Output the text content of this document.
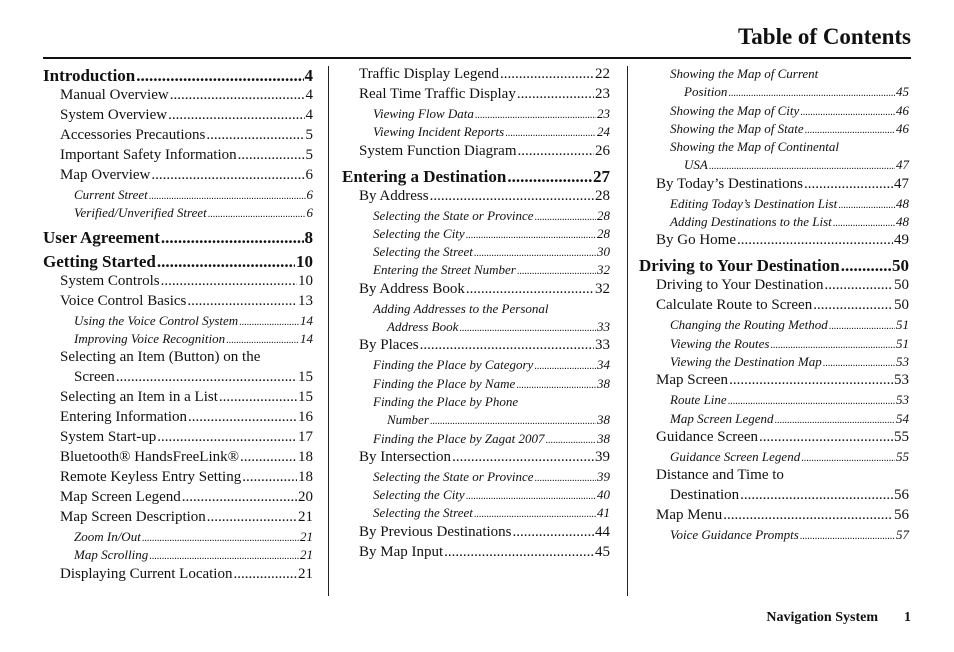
Table of Contents
Introduction .....	4
Manual Overview .....	4
System Overview .....	4
Accessories Precautions .....	5
Important Safety Information .....	5
Map Overview .....	6
Current Street .....	6
Verified/Unverified Street .....	6
User Agreement .....	8
Getting Started .....	10
System Controls .....	10
Voice Control Basics .....	13
Using the Voice Control System .....	14
Improving Voice Recognition .....	14
Selecting an Item (Button) on the
Screen .....	15
Selecting an Item in a List .....	15
Entering Information .....	16
System Start-up .....	17
Bluetooth® HandsFreeLink® .....	18
Remote Keyless Entry Setting .....	18
Map Screen Legend .....	20
Map Screen Description .....	21
Zoom In/Out .....	21
Map Scrolling .....	21
Displaying Current Location .....	21
Traffic Display Legend .....	22
Real Time Traffic Display .....	23
Viewing Flow Data .....	23
Viewing Incident Reports .....	24
System Function Diagram .....	26
Entering a Destination .....	27
By Address .....	28
Selecting the State or Province .....	28
Selecting the City .....	28
Selecting the Street .....	30
Entering the Street Number .....	32
By Address Book .....	32
Adding Addresses to the Personal
Address Book .....	33
By Places .....	33
Finding the Place by Category .....	34
Finding the Place by Name .....	38
Finding the Place by Phone
Number .....	38
Finding the Place by Zagat 2007 .....	38
By Intersection .....	39
Selecting the State or Province .....	39
Selecting the City .....	40
Selecting the Street .....	41
By Previous Destinations .....	44
By Map Input .....	45
Showing the Map of Current
Position .....	45
Showing the Map of City .....	46
Showing the Map of State .....	46
Showing the Map of Continental
USA .....	47
By Today’s Destinations .....	47
Editing Today’s Destination List .....	48
Adding Destinations to the List .....	48
By Go Home .....	49
Driving to Your Destination .....	50
Driving to Your Destination .....	50
Calculate Route to Screen .....	50
Changing the Routing Method .....	51
Viewing the Routes .....	51
Viewing the Destination Map .....	53
Map Screen .....	53
Route Line .....	53
Map Screen Legend .....	54
Guidance Screen .....	55
Guidance Screen Legend .....	55
Distance and Time to
Destination .....	56
Map Menu .....	56
Voice Guidance Prompts .....	57
Navigation System 1
